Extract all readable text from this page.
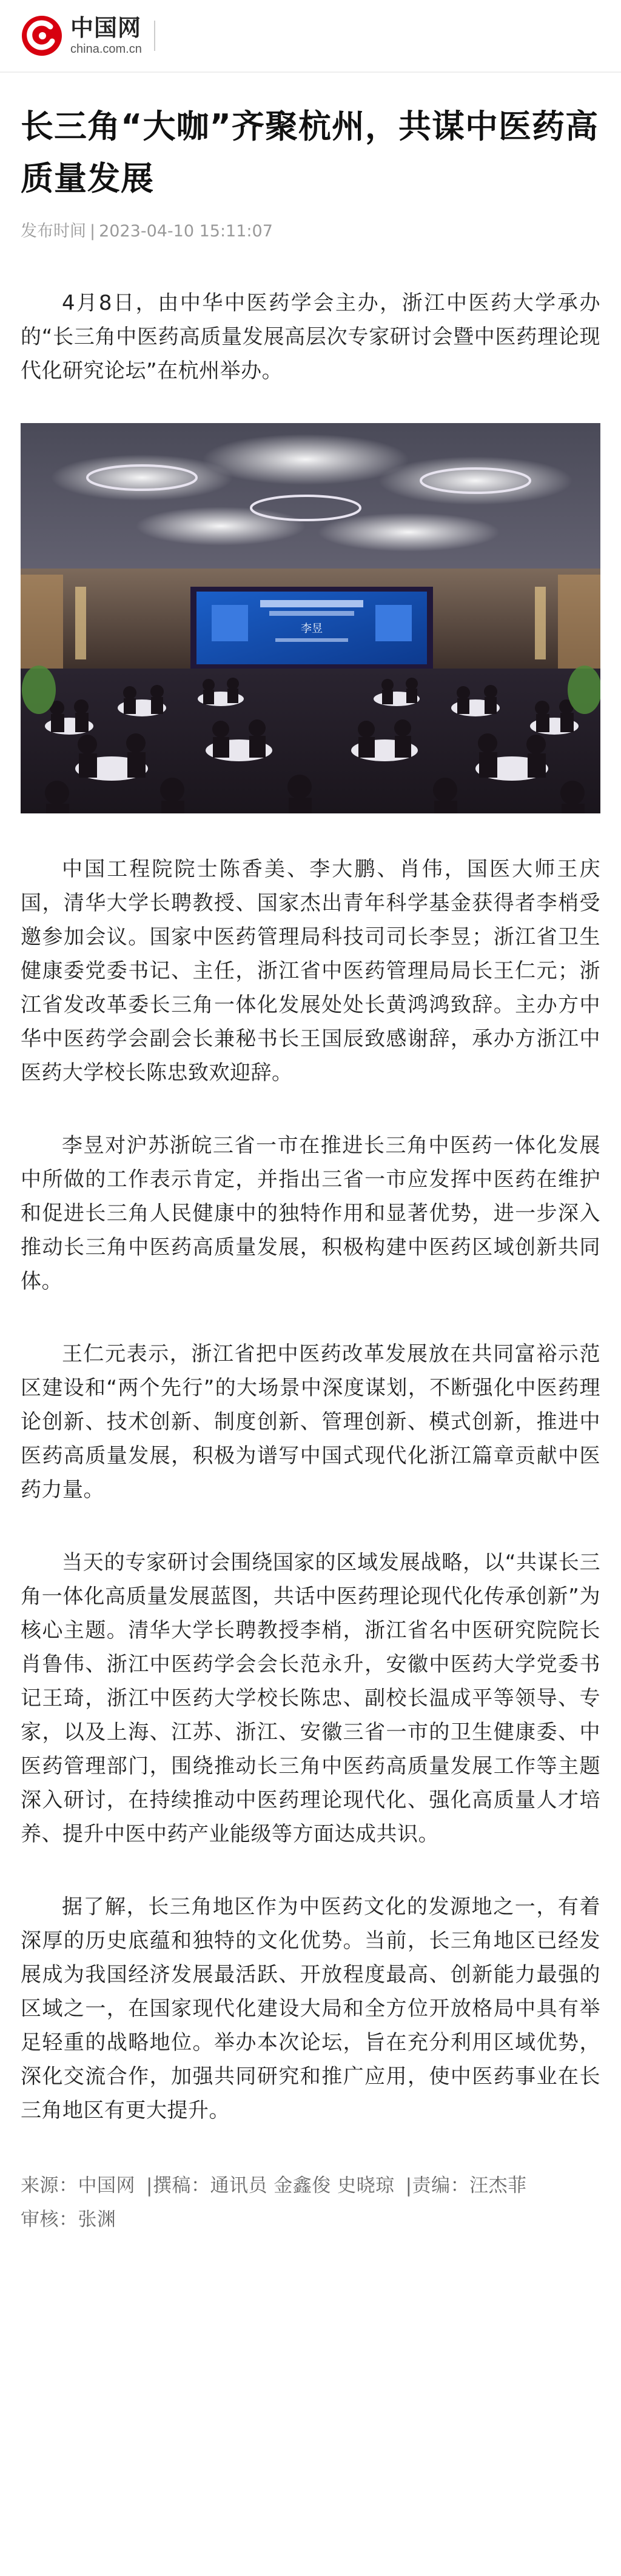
中国网
china.com.cn
长三角“大咖”齐聚杭州，共谋中医药高质量发展
发布时间 | 2023-04-10 15:11:07

4月8日，由中华中医药学会主办，浙江中医药大学承办的“长三角中医药高质量发展高层次专家研讨会暨中医药理论现代化研究论坛”在杭州举办。

李昱

中国工程院院士陈香美、李大鹏、肖伟，国医大师王庆国，清华大学长聘教授、国家杰出青年科学基金获得者李梢受邀参加会议。国家中医药管理局科技司司长李昱；浙江省卫生健康委党委书记、主任，浙江省中医药管理局局长王仁元；浙江省发改革委长三角一体化发展处处长黄鸿鸿致辞。主办方中华中医药学会副会长兼秘书长王国辰致感谢辞，承办方浙江中医药大学校长陈忠致欢迎辞。

李昱对沪苏浙皖三省一市在推进长三角中医药一体化发展中所做的工作表示肯定，并指出三省一市应发挥中医药在维护和促进长三角人民健康中的独特作用和显著优势，进一步深入推动长三角中医药高质量发展，积极构建中医药区域创新共同体。

王仁元表示，浙江省把中医药改革发展放在共同富裕示范区建设和“两个先行”的大场景中深度谋划，不断强化中医药理论创新、技术创新、制度创新、管理创新、模式创新，推进中医药高质量发展，积极为谱写中国式现代化浙江篇章贡献中医药力量。

当天的专家研讨会围绕国家的区域发展战略，以“共谋长三角一体化高质量发展蓝图，共话中医药理论现代化传承创新”为核心主题。清华大学长聘教授李梢，浙江省名中医研究院院长肖鲁伟、浙江中医药学会会长范永升，安徽中医药大学党委书记王琦，浙江中医药大学校长陈忠、副校长温成平等领导、专家，以及上海、江苏、浙江、安徽三省一市的卫生健康委、中医药管理部门，围绕推动长三角中医药高质量发展工作等主题深入研讨，在持续推动中医药理论现代化、强化高质量人才培养、提升中医中药产业能级等方面达成共识。

据了解，长三角地区作为中医药文化的发源地之一，有着深厚的历史底蕴和独特的文化优势。当前，长三角地区已经发展成为我国经济发展最活跃、开放程度最高、创新能力最强的区域之一，在国家现代化建设大局和全方位开放格局中具有举足轻重的战略地位。举办本次论坛，旨在充分利用区域优势，深化交流合作，加强共同研究和推广应用，使中医药事业在长三角地区有更大提升。

来源：中国网 |撰稿：通讯员 金鑫俊 史晓琼 |责编：汪杰菲
审核：张渊
